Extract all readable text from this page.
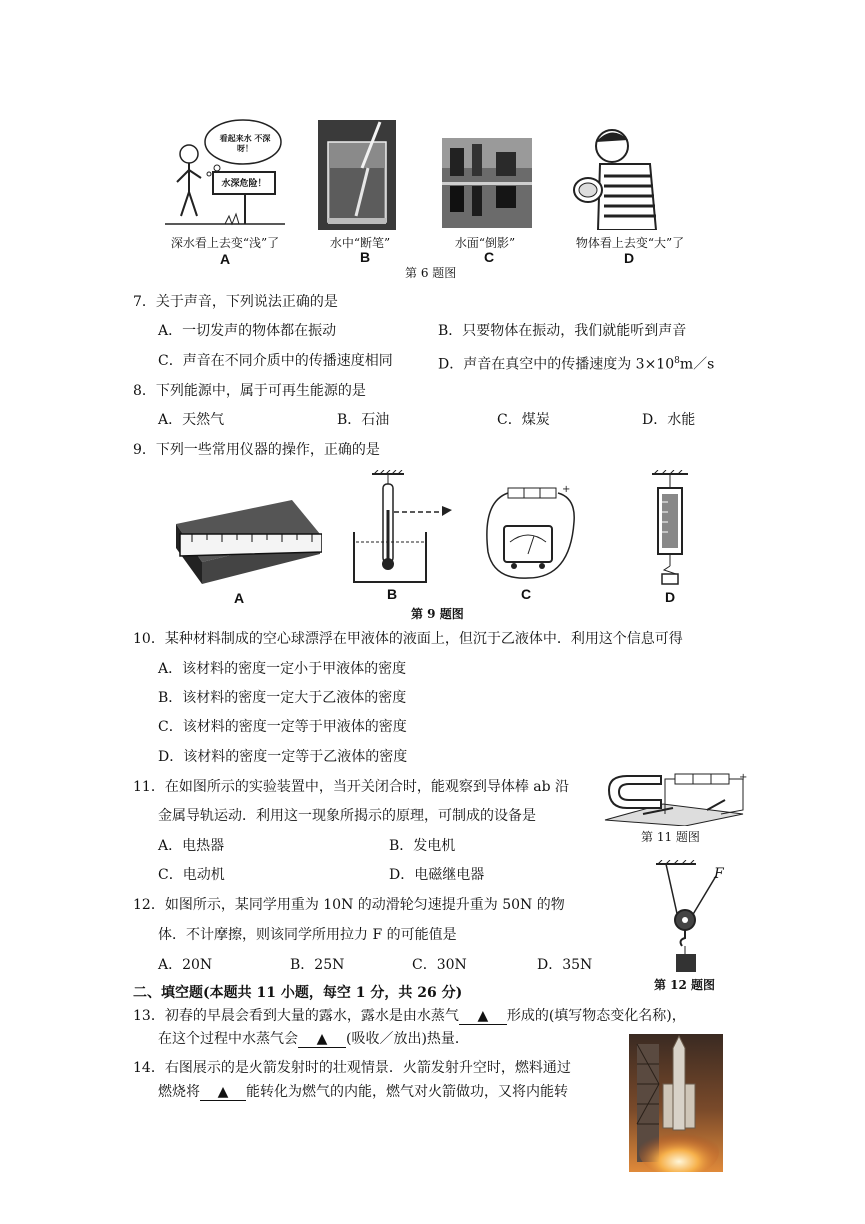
看起来水 不深呀！
水深危险！
深水看上去变“浅”了	水中“断笔”	水面“倒影”	物体看上去变“大”了
A	B	C	D
第 6 题图
7．关于声音，下列说法正确的是
A．一切发声的物体都在振动	B．只要物体在振动，我们就能听到声音
C．声音在不同介质中的传播速度相同	D．声音在真空中的传播速度为 $3\times 10^8m/s$
8．下列能源中，属于可再生能源的是
A．天然气	B．石油	C．煤炭	D．水能
9．下列一些常用仪器的操作，正确的是
+
A	B	C	D
第 9 题图
10．某种材料制成的空心球漂浮在甲液体的液面上，但沉于乙液体中．利用这个信息可得
A．该材料的密度一定小于甲液体的密度
B．该材料的密度一定大于乙液体的密度
C．该材料的密度一定等于甲液体的密度
D．该材料的密度一定等于乙液体的密度
11．在如图所示的实验装置中，当开关闭合时，能观察到导体棒 ab 沿
金属导轨运动．利用这一现象所揭示的原理，可制成的设备是
A．电热器	B．发电机
C．电动机	D．电磁继电器
+
第 11 题图
12．如图所示，某同学用重为 10N 的动滑轮匀速提升重为 50N 的物
体．不计摩擦，则该同学所用拉力 F 的可能值是
A．20N	B．25N	C．30N	D．35N
F
第 12 题图
二、填空题(本题共 11 小题，每空 1 分，共 26 分)
13．初春的早晨会看到大量的露水，露水是由水蒸气 ▲ 形成的(填写物态变化名称)，
在这个过程中水蒸气会 ▲ (吸收／放出)热量．
14．右图展示的是火箭发射时的壮观情景．火箭发射升空时，燃料通过
燃烧将 ▲ 能转化为燃气的内能，燃气对火箭做功，又将内能转
